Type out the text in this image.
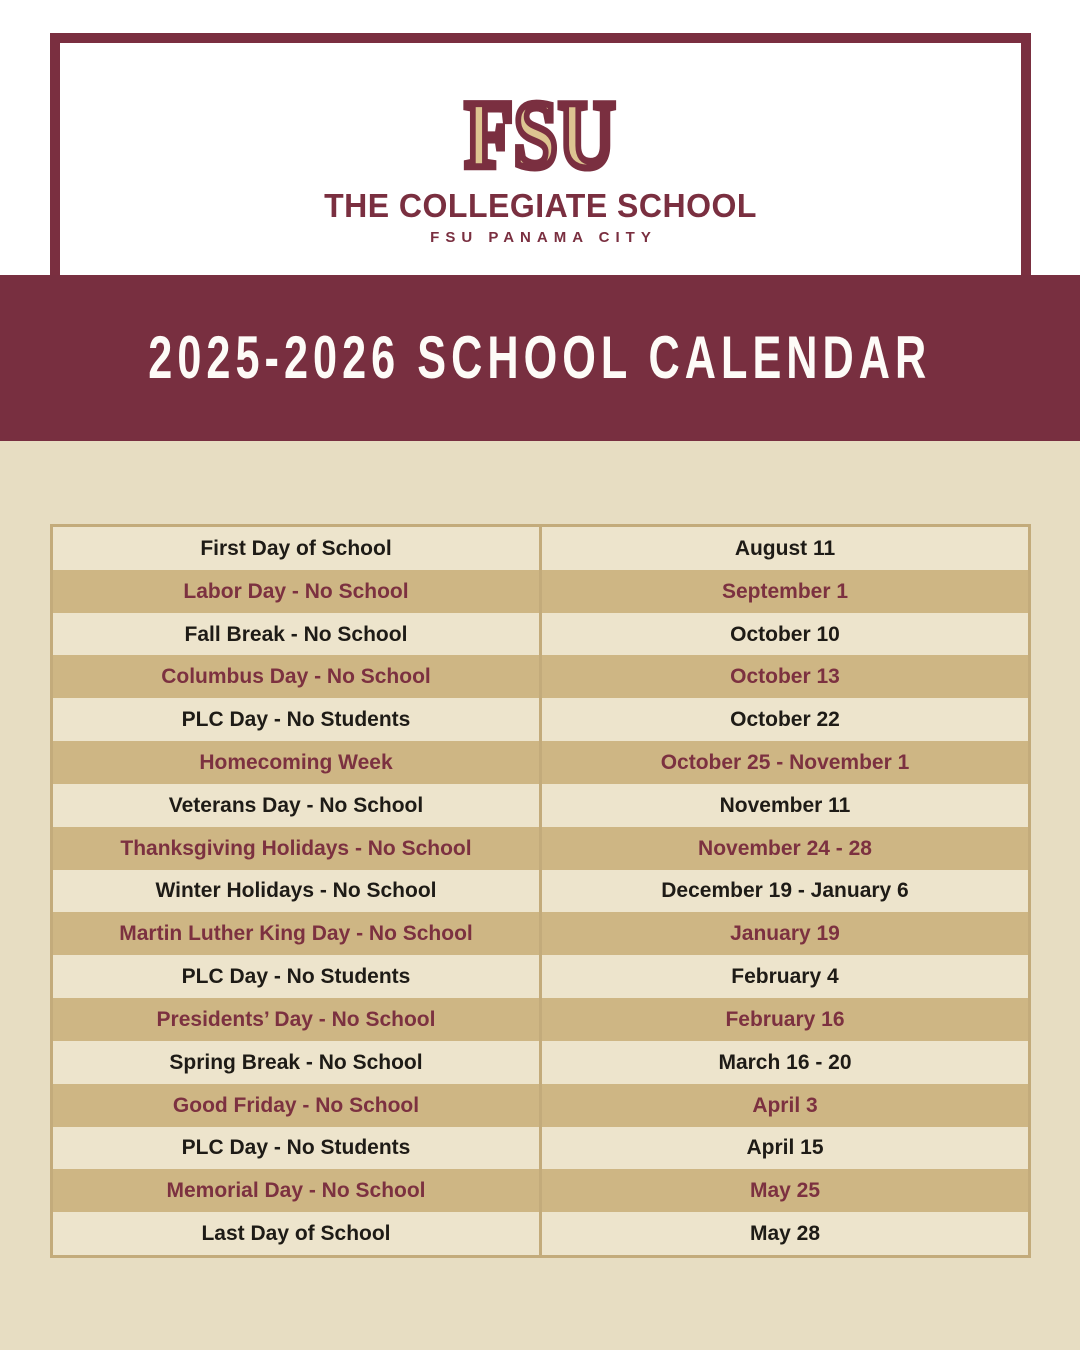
FSU
THE COLLEGIATE SCHOOL
FSU PANAMA CITY
2025-2026 SCHOOL CALENDAR
First Day of School	August 11
Labor Day - No School	September 1
Fall Break - No School	October 10
Columbus Day - No School	October 13
PLC Day - No Students	October 22
Homecoming Week	October 25 - November 1
Veterans Day - No School	November 11
Thanksgiving Holidays - No School	November 24 - 28
Winter Holidays - No School	December 19 - January 6
Martin Luther King Day - No School	January 19
PLC Day - No Students	February 4
Presidents’ Day - No School	February 16
Spring Break - No School	March 16 - 20
Good Friday - No School	April 3
PLC Day - No Students	April 15
Memorial Day - No School	May 25
Last Day of School	May 28
